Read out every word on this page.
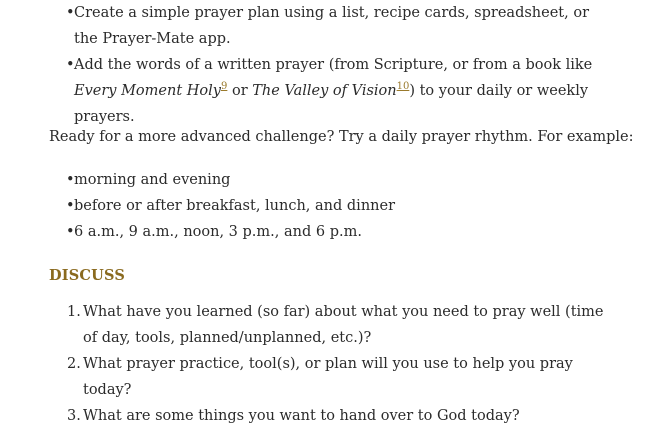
• Create a simple prayer plan using a list, recipe cards, spreadsheet, or the Prayer-Mate app.
• Add the words of a written prayer (from Scripture, or from a book like Every Moment Holy$^9$ or The Valley of Vision$^{10}$) to your daily or weekly prayers.
Ready for a more advanced challenge? Try a daily prayer rhythm. For example:
• morning and evening
• before or after breakfast, lunch, and dinner
• 6 a.m., 9 a.m., noon, 3 p.m., and 6 p.m.
DISCUSS
1. What have you learned (so far) about what you need to pray well (time of day, tools, planned/unplanned, etc.)?
2. What prayer practice, tool(s), or plan will you use to help you pray today?
3. What are some things you want to hand over to God today?
